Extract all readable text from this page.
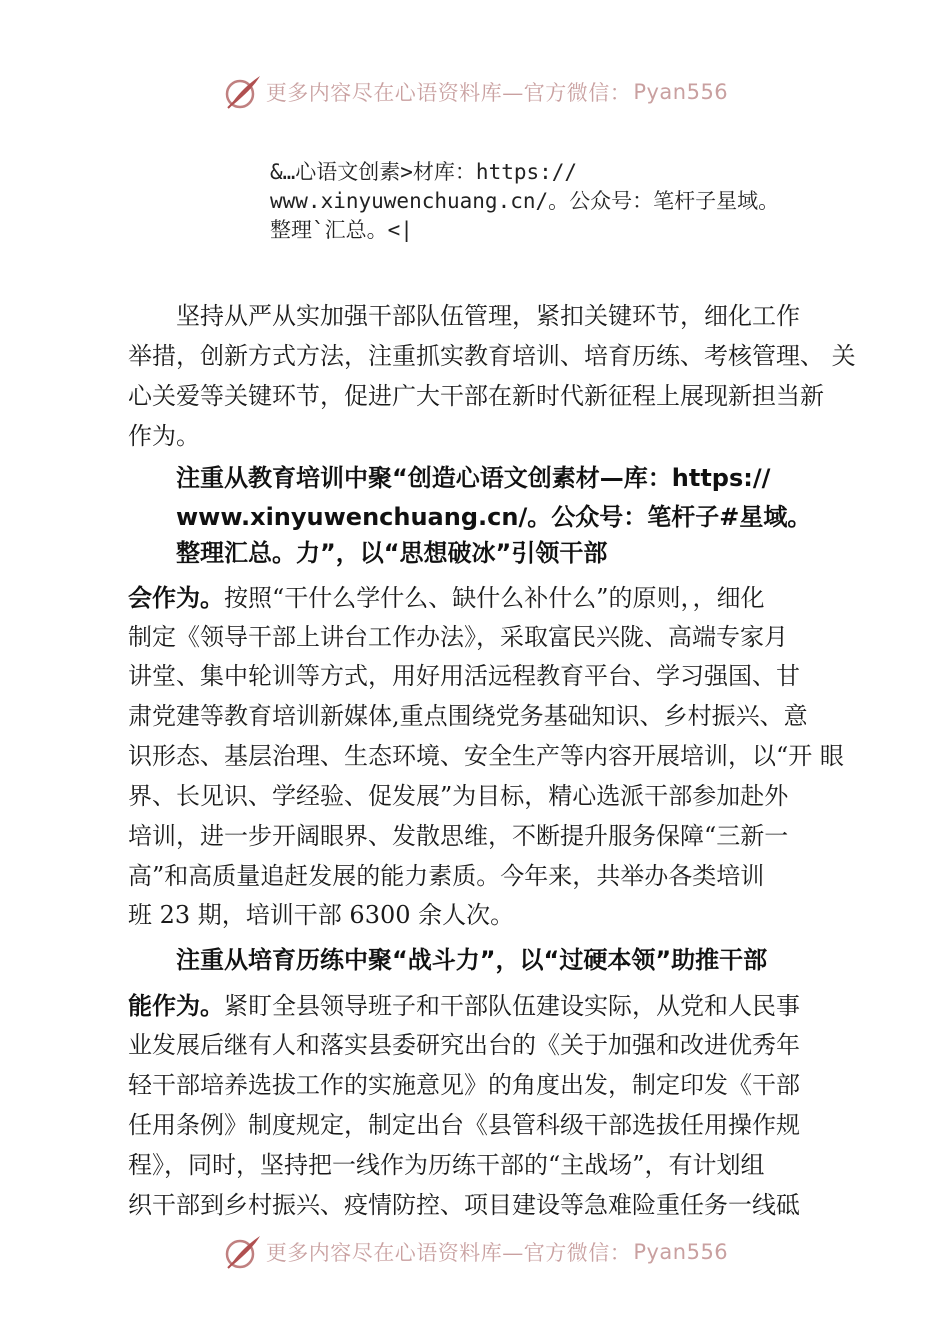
更多内容尽在心语资料库—官方微信： Pyan556
&…心语文创素>材库：https://
www.xinyuwenchuang.cn/。公众号：笔杆子星域。
整理`汇总。<|
坚持从严从实加强干部队伍管理，紧扣关键环节，细化工作
举措，创新方式方法，注重抓实教育培训、培育历练、考核管理、 关
心关爱等关键环节，促进广大干部在新时代新征程上展现新担当新
作为。
注重从教育培训中聚“创造心语文创素材—库：https://
www.xinyuwenchuang.cn/。公众号：笔杆子#星域。
整理汇总。力”，以“思想破冰”引领干部
会作为。按照“干什么学什么、缺什么补什么”的原则，，细化
制定《领导干部上讲台工作办法》，采取富民兴陇、高端专家月
讲堂、集中轮训等方式，用好用活远程教育平台、学习强国、甘
肃党建等教育培训新媒体,重点围绕党务基础知识、乡村振兴、意
识形态、基层治理、生态环境、安全生产等内容开展培训，以“开 眼
界、长见识、学经验、促发展”为目标，精心选派干部参加赴外
培训，进一步开阔眼界、发散思维，不断提升服务保障“三新一
高”和高质量追赶发展的能力素质。今年来，共举办各类培训
班 23 期，培训干部 6300 余人次。
注重从培育历练中聚“战斗力”，以“过硬本领”助推干部
能作为。紧盯全县领导班子和干部队伍建设实际，从党和人民事
业发展后继有人和落实县委研究出台的《关于加强和改进优秀年
轻干部培养选拔工作的实施意见》的角度出发，制定印发《干部
任用条例》制度规定，制定出台《县管科级干部选拔任用操作规
程》，同时，坚持把一线作为历练干部的“主战场”，有计划组
织干部到乡村振兴、疫情防控、项目建设等急难险重任务一线砥
更多内容尽在心语资料库—官方微信： Pyan556
